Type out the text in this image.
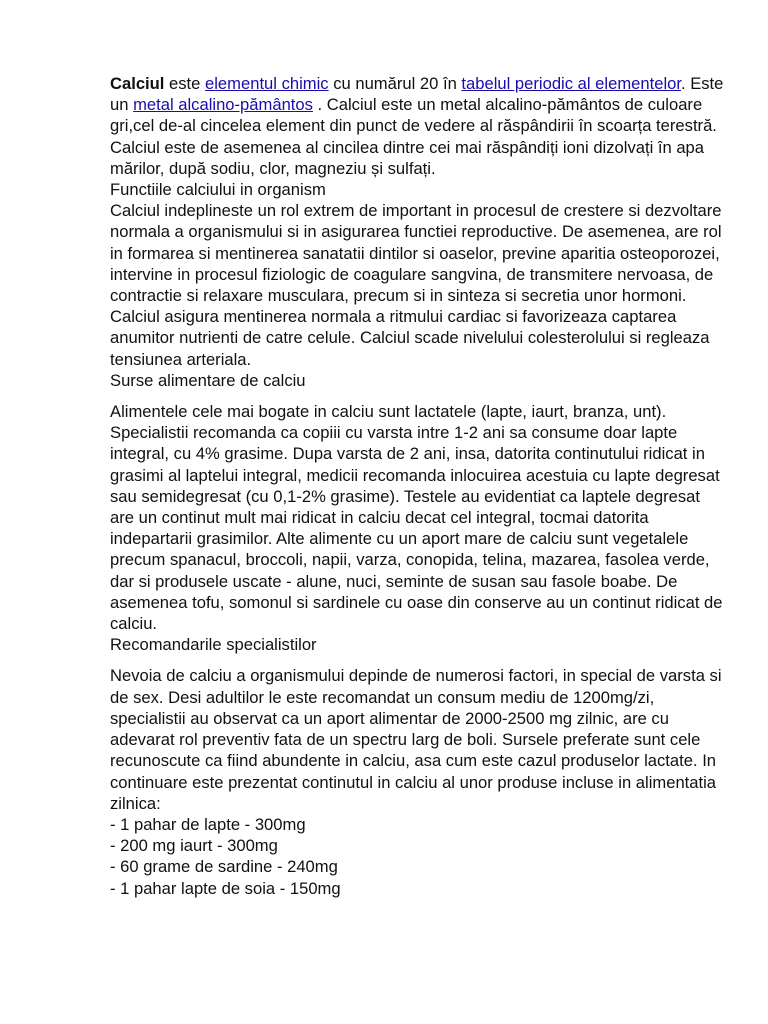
Calciul este elementul chimic cu numărul 20 în tabelul periodic al elementelor. Este un metal alcalino-pământos . Calciul este un metal alcalino-pământos de culoare gri,cel de-al cincelea element din punct de vedere al răspândirii în scoarța terestră. Calciul este de asemenea al cincilea dintre cei mai răspândiți ioni dizolvați în apa mărilor, după sodiu, clor, magneziu și sulfați.

Functiile calciului in organism

Calciul indeplineste un rol extrem de important in procesul de crestere si dezvoltare normala a organismului si in asigurarea functiei reproductive. De asemenea, are rol in formarea si mentinerea sanatatii dintilor si oaselor, previne aparitia osteoporozei, intervine in procesul fiziologic de coagulare sangvina, de transmitere nervoasa, de contractie si relaxare musculara, precum si in sinteza si secretia unor hormoni. Calciul asigura mentinerea normala a ritmului cardiac si favorizeaza captarea anumitor nutrienti de catre celule. Calciul scade nivelului colesterolului si regleaza tensiunea arteriala.

Surse alimentare de calciu

Alimentele cele mai bogate in calciu sunt lactatele (lapte, iaurt, branza, unt). Specialistii recomanda ca copiii cu varsta intre 1-2 ani sa consume doar lapte integral, cu 4% grasime. Dupa varsta de 2 ani, insa, datorita continutului ridicat in grasimi al laptelui integral, medicii recomanda inlocuirea acestuia cu lapte degresat sau semidegresat (cu 0,1-2% grasime). Testele au evidentiat ca laptele degresat are un continut mult mai ridicat in calciu decat cel integral, tocmai datorita indepartarii grasimilor. Alte alimente cu un aport mare de calciu sunt vegetalele precum spanacul, broccoli, napii, varza, conopida, telina, mazarea, fasolea verde, dar si produsele uscate - alune, nuci, seminte de susan sau fasole boabe. De asemenea tofu, somonul si sardinele cu oase din conserve au un continut ridicat de calciu.

Recomandarile specialistilor

Nevoia de calciu a organismului depinde de numerosi factori, in special de varsta si de sex. Desi adultilor le este recomandat un consum mediu de 1200mg/zi, specialistii au observat ca un aport alimentar de 2000-2500 mg zilnic, are cu adevarat rol preventiv fata de un spectru larg de boli. Sursele preferate sunt cele recunoscute ca fiind abundente in calciu, asa cum este cazul produselor lactate. In continuare este prezentat continutul in calciu al unor produse incluse in alimentatia zilnica:

- 1 pahar de lapte - 300mg
- 200 mg iaurt - 300mg
- 60 grame de sardine - 240mg
- 1 pahar lapte de soia - 150mg
